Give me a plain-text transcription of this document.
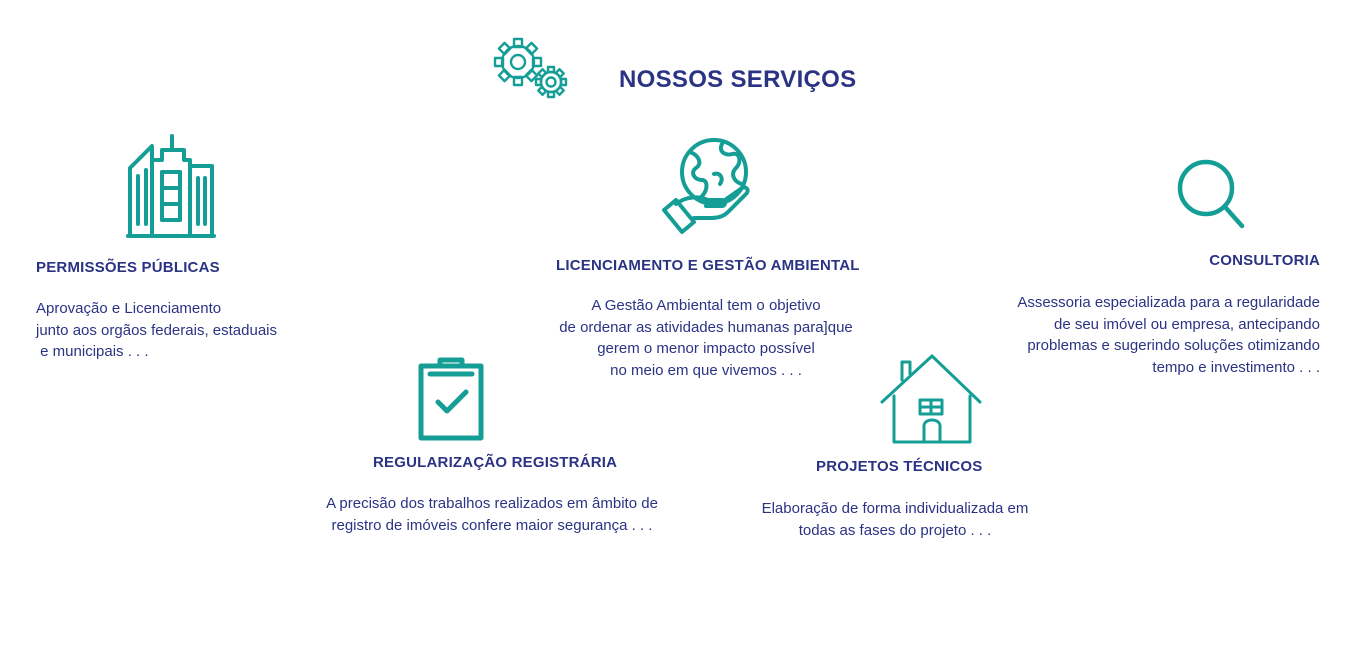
NOSSOS SERVIÇOS
PERMISSÕES PÚBLICAS
Aprovação e Licenciamento
junto aos orgãos federais, estaduais
e municipais . . .
LICENCIAMENTO E GESTÃO AMBIENTAL
A Gestão Ambiental tem o objetivo
de ordenar as atividades humanas para]que
gerem o menor impacto possível
no meio em que vivemos . . .
CONSULTORIA
Assessoria especializada para a regularidade
de seu imóvel ou empresa, antecipando
problemas e sugerindo soluções otimizando
tempo e investimento . . .
REGULARIZAÇÃO REGISTRÁRIA
A precisão dos trabalhos realizados em âmbito de
registro de imóveis confere maior segurança . . .
PROJETOS TÉCNICOS
Elaboração de forma individualizada em
todas as fases do projeto . . .
